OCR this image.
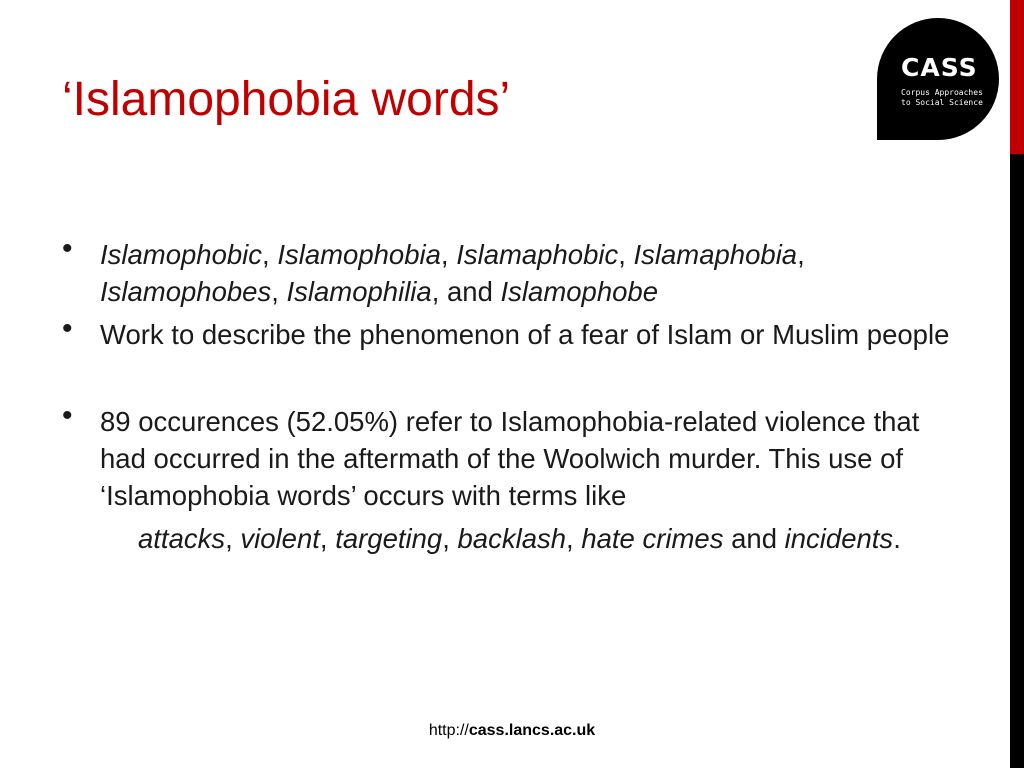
CASS
Corpus Approaches
to Social Science
‘Islamophobia words’
• Islamophobic, Islamophobia, Islamaphobic, Islamaphobia, Islamophobes, Islamophilia, and Islamophobe
• Work to describe the phenomenon of a fear of Islam or Muslim people
• 89 occurences (52.05%) refer to Islamophobia-related violence that had occurred in the aftermath of the Woolwich murder. This use of ‘Islamophobia words’ occurs with terms like
attacks, violent, targeting, backlash, hate crimes and incidents.
http://cass.lancs.ac.uk
